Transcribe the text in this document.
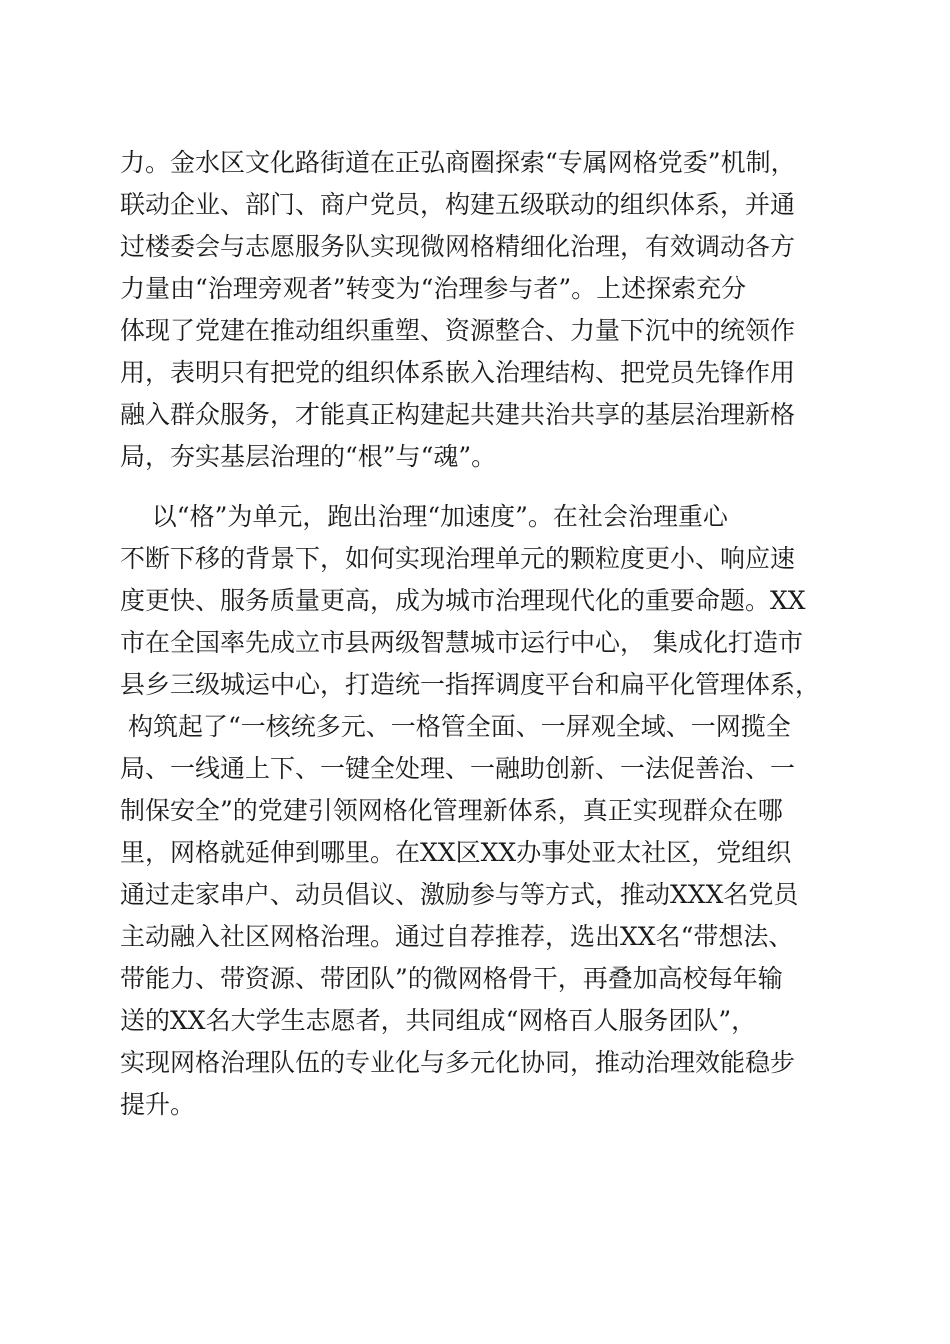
力。金水区文化路街道在正弘商圈探索“专属网格党委”机制，
联动企业、部门、商户党员，构建五级联动的组织体系，并通
过楼委会与志愿服务队实现微网格精细化治理，有效调动各方
力量由“治理旁观者”转变为“治理参与者”。上述探索充分
体现了党建在推动组织重塑、资源整合、力量下沉中的统领作
用，表明只有把党的组织体系嵌入治理结构、把党员先锋作用
融入群众服务，才能真正构建起共建共治共享的基层治理新格
局，夯实基层治理的“根”与“魂”。
以“格”为单元，跑出治理“加速度”。在社会治理重心
不断下移的背景下，如何实现治理单元的颗粒度更小、响应速
度更快、服务质量更高，成为城市治理现代化的重要命题。XX
市在全国率先成立市县两级智慧城市运行中心， 集成化打造市
县乡三级城运中心，打造统一指挥调度平台和扁平化管理体系，
构筑起了“一核统多元、一格管全面、一屏观全域、一网揽全
局、一线通上下、一键全处理、一融助创新、一法促善治、一
制保安全”的党建引领网格化管理新体系，真正实现群众在哪
里，网格就延伸到哪里。在XX区XX办事处亚太社区，党组织
通过走家串户、动员倡议、激励参与等方式，推动XXX名党员
主动融入社区网格治理。通过自荐推荐，选出XX名“带想法、
带能力、带资源、带团队”的微网格骨干，再叠加高校每年输
送的XX名大学生志愿者，共同组成“网格百人服务团队”，
实现网格治理队伍的专业化与多元化协同，推动治理效能稳步
提升。
